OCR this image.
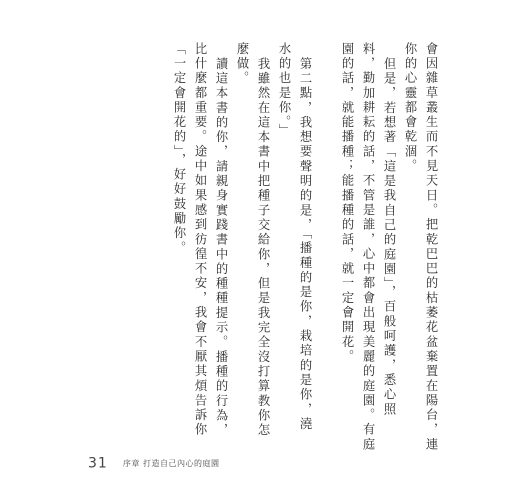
會因雜草叢生而不見天日。把乾巴巴的枯萎花盆棄置在陽台，連
你的心靈都會乾涸。
但是，若想著「這是我自己的庭園」，百般呵護，悉心照
料，勤加耕耘的話，不管是誰，心中都會出現美麗的庭園。有庭
園的話，就能播種；能播種的話，就一定會開花。
第二點，我想要聲明的是，「播種的是你，栽培的是你，澆
水的也是你。」
我雖然在這本書中把種子交給你，但是我完全沒打算教你怎
麼做。
讀這本書的你，請親身實踐書中的種種提示。播種的行為，
比什麼都重要。途中如果感到彷徨不安，我會不厭其煩告訴你
「一定會開花的」，好好鼓勵你。
31 序章 打造自己內心的庭園
